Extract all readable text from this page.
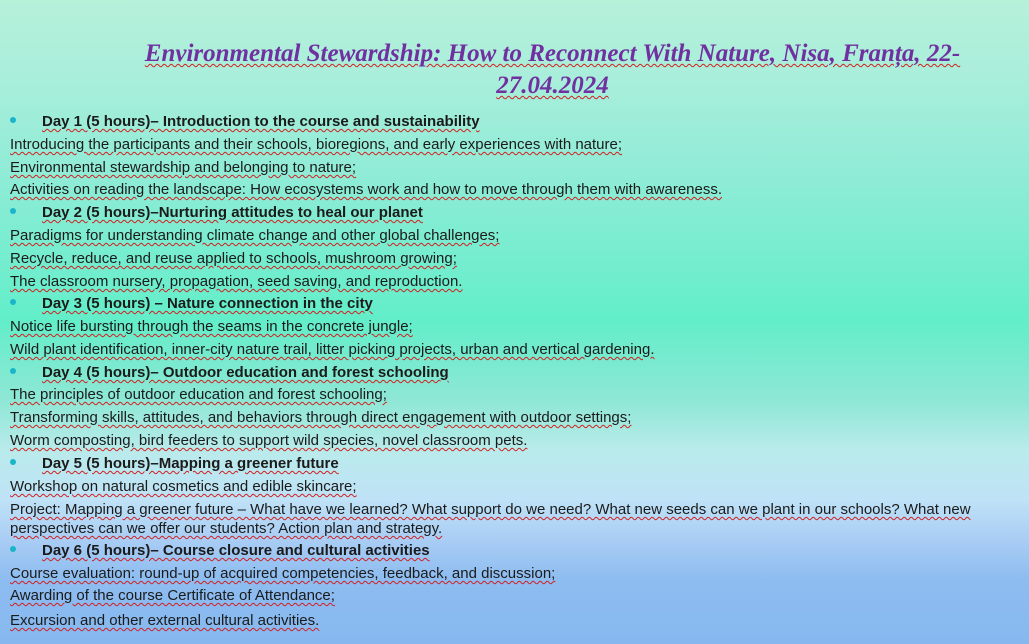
Environmental Stewardship: How to Reconnect With Nature, Nisa, Franța, 22-27.04.2024
Day 1 (5 hours)– Introduction to the course and sustainability
Introducing the participants and their schools, bioregions, and early experiences with nature;
Environmental stewardship and belonging to nature;
Activities on reading the landscape: How ecosystems work and how to move through them with awareness.
Day 2 (5 hours)–Nurturing attitudes to heal our planet
Paradigms for understanding climate change and other global challenges;
Recycle, reduce, and reuse applied to schools, mushroom growing;
The classroom nursery, propagation, seed saving, and reproduction.
Day 3 (5 hours) – Nature connection in the city
Notice life bursting through the seams in the concrete jungle;
Wild plant identification, inner-city nature trail, litter picking projects, urban and vertical gardening.
Day 4 (5 hours)– Outdoor education and forest schooling
The principles of outdoor education and forest schooling;
Transforming skills, attitudes, and behaviors through direct engagement with outdoor settings;
Worm composting, bird feeders to support wild species, novel classroom pets.
Day 5 (5 hours)–Mapping a greener future
Workshop on natural cosmetics and edible skincare;
Project: Mapping a greener future – What have we learned? What support do we need? What new seeds can we plant in our schools? What new perspectives can we offer our students? Action plan and strategy.
Day 6 (5 hours)– Course closure and cultural activities
Course evaluation: round-up of acquired competencies, feedback, and discussion;
Awarding of the course Certificate of Attendance;
Excursion and other external cultural activities.
